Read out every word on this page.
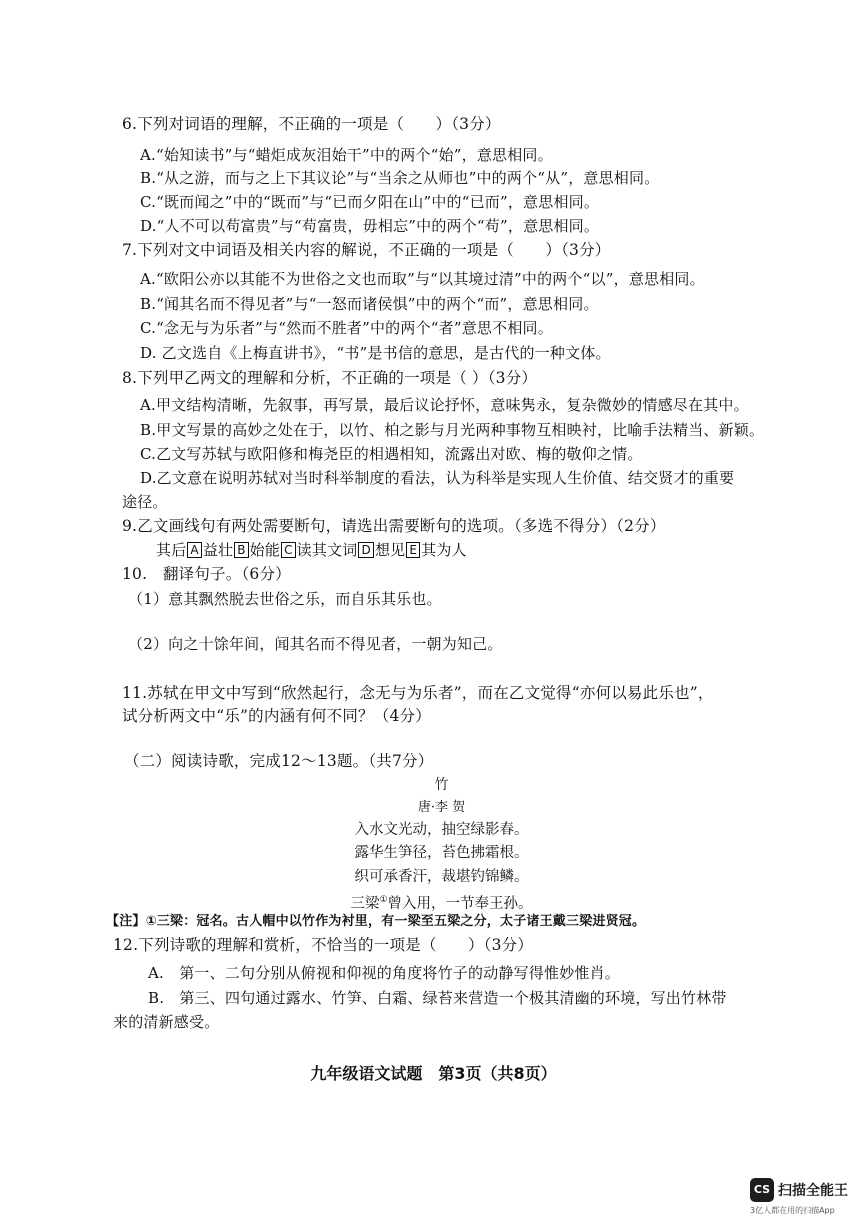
6.下列对词语的理解，不正确的一项是（　　）（3分）
A.“始知读书”与“蜡炬成灰泪始干”中的两个“始”，意思相同。
B.“从之游，而与之上下其议论”与“当余之从师也”中的两个“从”，意思相同。
C.“既而闻之”中的“既而”与“已而夕阳在山”中的“已而”，意思相同。
D.“人不可以苟富贵”与“苟富贵，毋相忘”中的两个“苟”，意思相同。
7.下列对文中词语及相关内容的解说，不正确的一项是（　　）（3分）
A.“欧阳公亦以其能不为世俗之文也而取”与“以其境过清”中的两个“以”，意思相同。
B.“闻其名而不得见者”与“一怒而诸侯惧”中的两个“而”，意思相同。
C.“念无与为乐者”与“然而不胜者”中的两个“者”意思不相同。
D. 乙文选自《上梅直讲书》，“书”是书信的意思，是古代的一种文体。
8.下列甲乙两文的理解和分析，不正确的一项是（ ）（3分）
A.甲文结构清晰，先叙事，再写景，最后议论抒怀，意味隽永，复杂微妙的情感尽在其中。
B.甲文写景的高妙之处在于，以竹、柏之影与月光两种事物互相映衬，比喻手法精当、新颖。
C.乙文写苏轼与欧阳修和梅尧臣的相遇相知，流露出对欧、梅的敬仰之情。
D.乙文意在说明苏轼对当时科举制度的看法，认为科举是实现人生价值、结交贤才的重要
途径。
9.乙文画线句有两处需要断句，请选出需要断句的选项。（多选不得分）（2分）
其后 A 益壮 B 始能 C 读其文词 D 想见 E 其为人
10.　翻译句子。（6分）
（1）意其飘然脱去世俗之乐，而自乐其乐也。
（2）向之十馀年间，闻其名而不得见者，一朝为知己。
11.苏轼在甲文中写到“欣然起行，念无与为乐者”，而在乙文觉得“亦何以易此乐也”，
试分析两文中“乐”的内涵有何不同？（4分）
（二）阅读诗歌，完成12～13题。（共7分）
竹
唐·李 贺
入水文光动，抽空绿影春。
露华生笋径，苔色拂霜根。
织可承香汗，裁堪钓锦鳞。
三梁①曾入用，一节奉王孙。
【注】①三梁：冠名。古人帽中以竹作为衬里，有一梁至五梁之分，太子诸王戴三梁进贤冠。
12.下列诗歌的理解和赏析，不恰当的一项是（　　）（3分）
A.　第一、二句分别从俯视和仰视的角度将竹子的动静写得惟妙惟肖。
B.　第三、四句通过露水、竹笋、白霜、绿苔来营造一个极其清幽的环境，写出竹林带
来的清新感受。
九年级语文试题　第3页（共8页）
CS 扫描全能王
3亿人都在用的扫描App
